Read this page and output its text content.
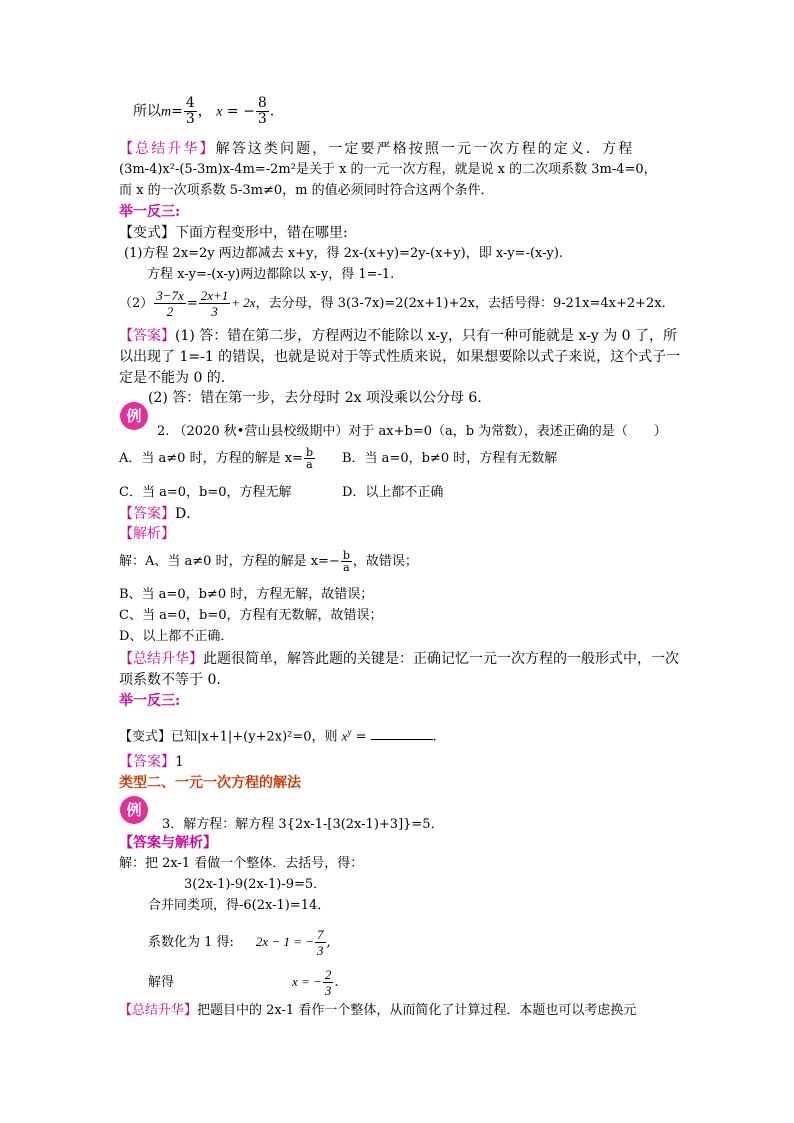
所以$m= \frac{4}{3}$ ， x = − $\frac{8}{3}$ .
【总结升华】解答这类问题，一定要严格按照一元一次方程的定义．方程
(3m-4)x²-(5-3m)x-4m=-2m²是关于 x 的一元一次方程，就是说 x 的二次项系数 3m-4=0，
而 x 的一次项系数 5-3m≠0，m 的值必须同时符合这两个条件．
举一反三:
【变式】下面方程变形中，错在哪里:
(1)方程 2x=2y 两边都减去 x+y，得 2x-(x+y)=2y-(x+y)，即 x-y=-(x-y).
方程 x-y=-(x-y)两边都除以 x-y，得 1=-1.
$(2) \frac{3-7x}{2} = \frac{2x+1}{3} + 2x$，去分母，得 3(3-7x)=2(2x+1)+2x，去括号得：9-21x=4x+2+2x.
【答案】(1) 答：错在第二步，方程两边不能除以 x-y，只有一种可能就是 x-y 为 0 了，所
以出现了 1=-1 的错误，也就是说对于等式性质来说，如果想要除以式子来说，这个式子一
定是不能为 0 的.
(2) 答：错在第一步，去分母时 2x 项没乘以公分母 6.
例
2. （2020 秋•营山县校级期中）对于 ax+b=0（a，b 为常数），表述正确的是（　　）
A．当 a≠0 时，方程的解是 $x= \frac{b}{a}$ B．当 a=0，b≠0 时，方程有无数解
C．当 a=0，b=0，方程无解	D．以上都不正确
【答案】D．
【解析】
解：A、当 a≠0 时，方程的解是 $x=- \frac{b}{a}$ ，故错误；
B、当 a=0，b≠0 时，方程无解，故错误；
C、当 a=0，b=0，方程有无数解，故错误；
D、以上都不正确．
【总结升华】此题很简单，解答此题的关键是：正确记忆一元一次方程的一般形式中，一次
项系数不等于 0.
举一反三:
【变式】已知|x+1|+(y+2x)²=0，则 $x^y$ =	.
【答案】1
类型二、一元一次方程的解法
例
3．解方程：解方程 3{2x-1-[3(2x-1)+3]}=5．
【答案与解析】
解：把 2x-1 看做一个整体．去括号，得：
3(2x-1)-9(2x-1)-9=5．
合并同类项，得-6(2x-1)=14．
系数化为 1 得: 2x − 1 = − $\frac{7}{3}$ ,
解得	x = − $\frac{2}{3}$ .
【总结升华】把题目中的 2x-1 看作一个整体，从而简化了计算过程．本题也可以考虑换元
